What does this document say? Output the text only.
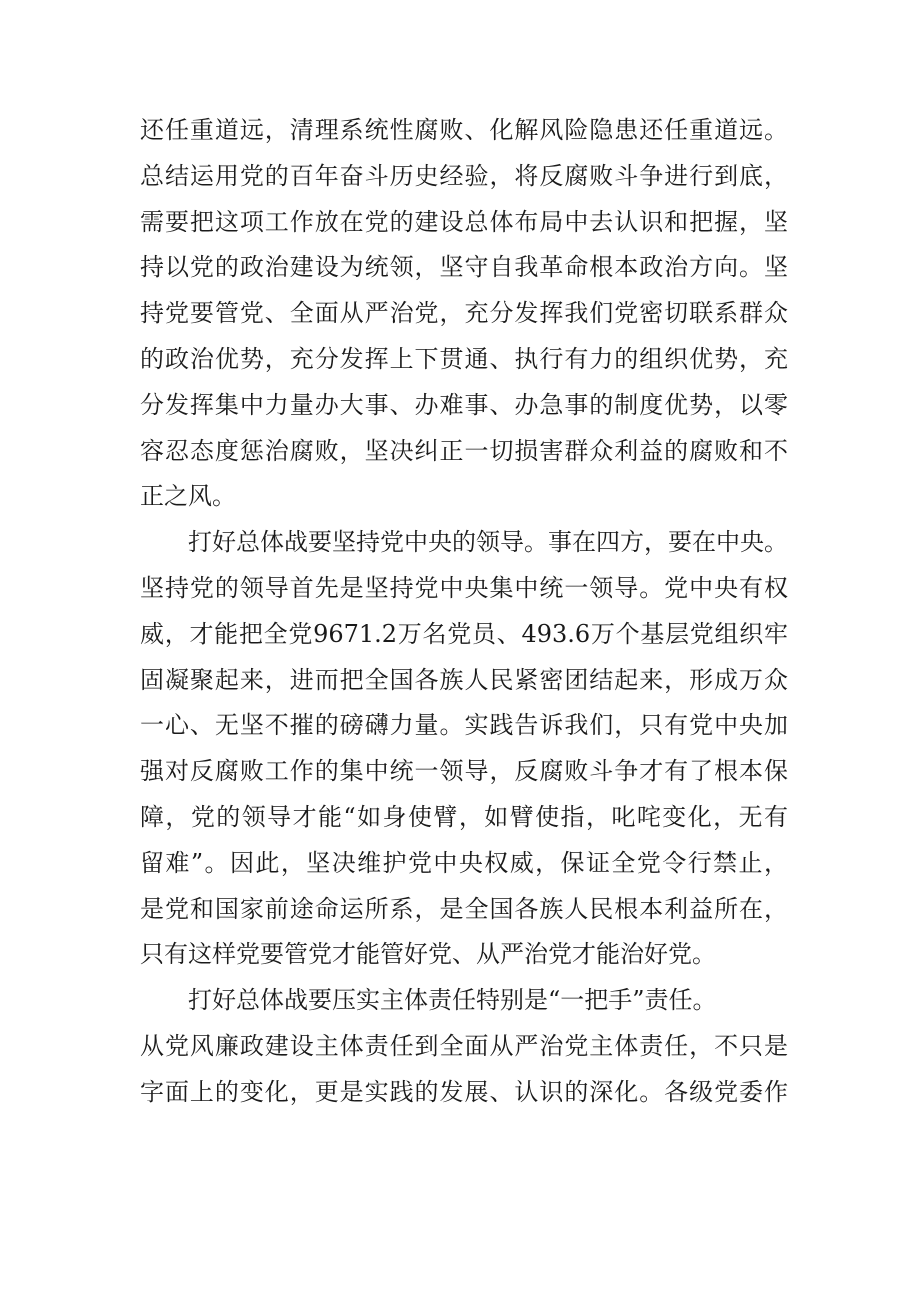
还任重道远，清理系统性腐败、化解风险隐患还任重道远。
总结运用党的百年奋斗历史经验，将反腐败斗争进行到底，
需要把这项工作放在党的建设总体布局中去认识和把握，坚
持以党的政治建设为统领，坚守自我革命根本政治方向。坚
持党要管党、全面从严治党，充分发挥我们党密切联系群众
的政治优势，充分发挥上下贯通、执行有力的组织优势，充
分发挥集中力量办大事、办难事、办急事的制度优势，以零
容忍态度惩治腐败，坚决纠正一切损害群众利益的腐败和不
正之风。
打好总体战要坚持党中央的领导。事在四方，要在中央。
坚持党的领导首先是坚持党中央集中统一领导。党中央有权
威，才能把全党9671.2万名党员、493.6万个基层党组织牢
固凝聚起来，进而把全国各族人民紧密团结起来，形成万众
一心、无坚不摧的磅礴力量。实践告诉我们，只有党中央加
强对反腐败工作的集中统一领导，反腐败斗争才有了根本保
障，党的领导才能“如身使臂，如臂使指，叱咤变化，无有
留难”。因此，坚决维护党中央权威，保证全党令行禁止，
是党和国家前途命运所系，是全国各族人民根本利益所在，
只有这样党要管党才能管好党、从严治党才能治好党。
打好总体战要压实主体责任特别是“一把手”责任。
从党风廉政建设主体责任到全面从严治党主体责任，不只是
字面上的变化，更是实践的发展、认识的深化。各级党委作
